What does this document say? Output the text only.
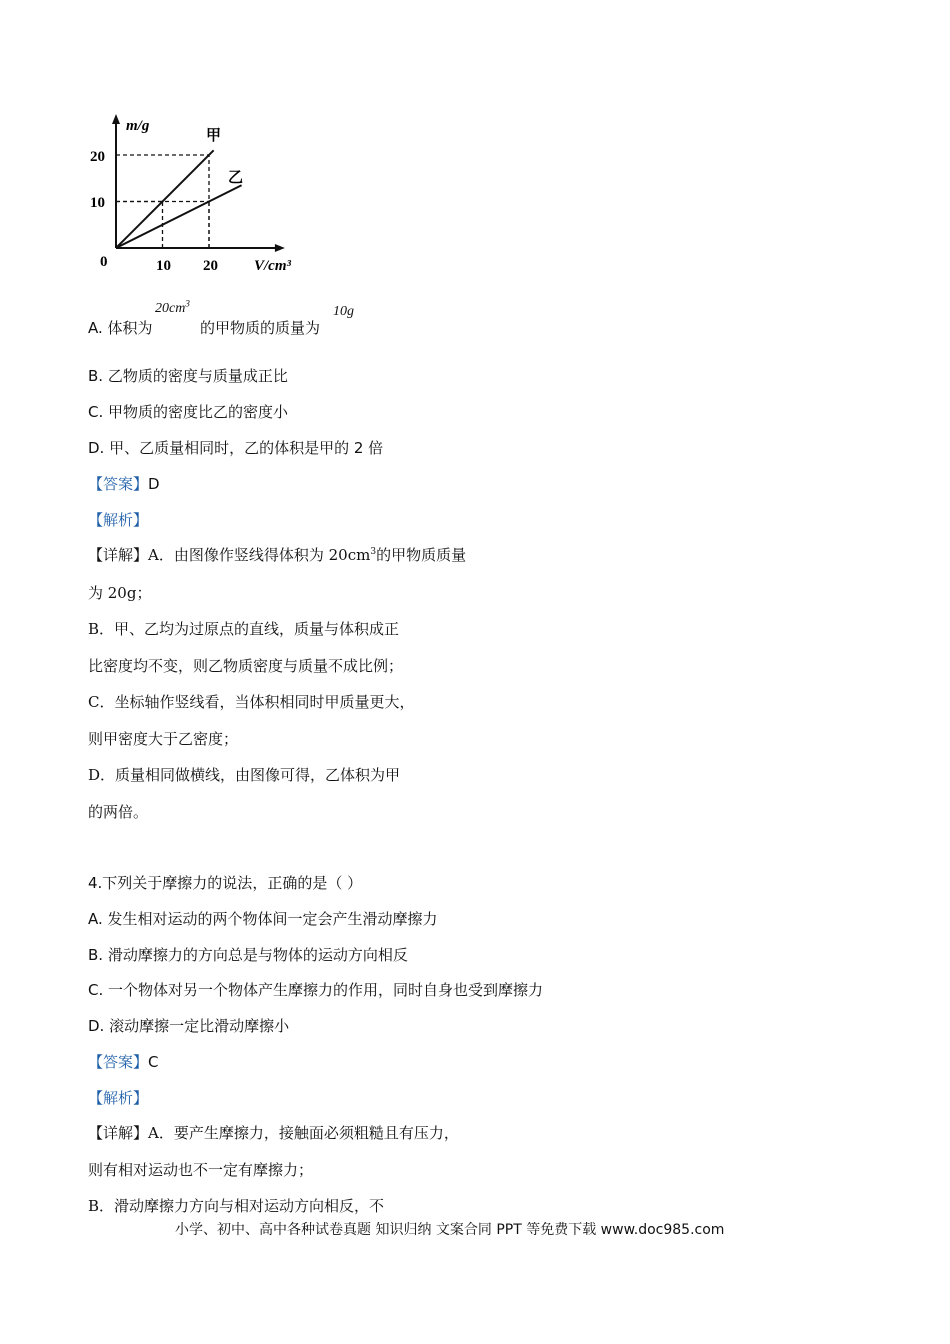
m/g
V/cm³
0	10 20
20
10
甲
乙
A. 体积为
$20cm^3$
的甲物质的质量为
10g
B. 乙物质的密度与质量成正比
C. 甲物质的密度比乙的密度小
D. 甲、乙质量相同时，乙的体积是甲的 2 倍
【答案】D
【解析】
【详解】A．由图像作竖线得体积为 $20cm^3$的甲物质质量
为 20g；
B．甲、乙均为过原点的直线，质量与体积成正
比密度均不变，则乙物质密度与质量不成比例；
C．坐标轴作竖线看，当体积相同时甲质量更大，
则甲密度大于乙密度；
D．质量相同做横线，由图像可得，乙体积为甲
的两倍。
4.下列关于摩擦力的说法，正确的是（ ）
A. 发生相对运动的两个物体间一定会产生滑动摩擦力
B. 滑动摩擦力的方向总是与物体的运动方向相反
C. 一个物体对另一个物体产生摩擦力的作用，同时自身也受到摩擦力
D. 滚动摩擦一定比滑动摩擦小
【答案】C
【解析】
【详解】A．要产生摩擦力，接触面必须粗糙且有压力，
则有相对运动也不一定有摩擦力；
B．滑动摩擦力方向与相对运动方向相反，不
小学、初中、高中各种试卷真题 知识归纳 文案合同 PPT 等免费下载 www.doc985.com
